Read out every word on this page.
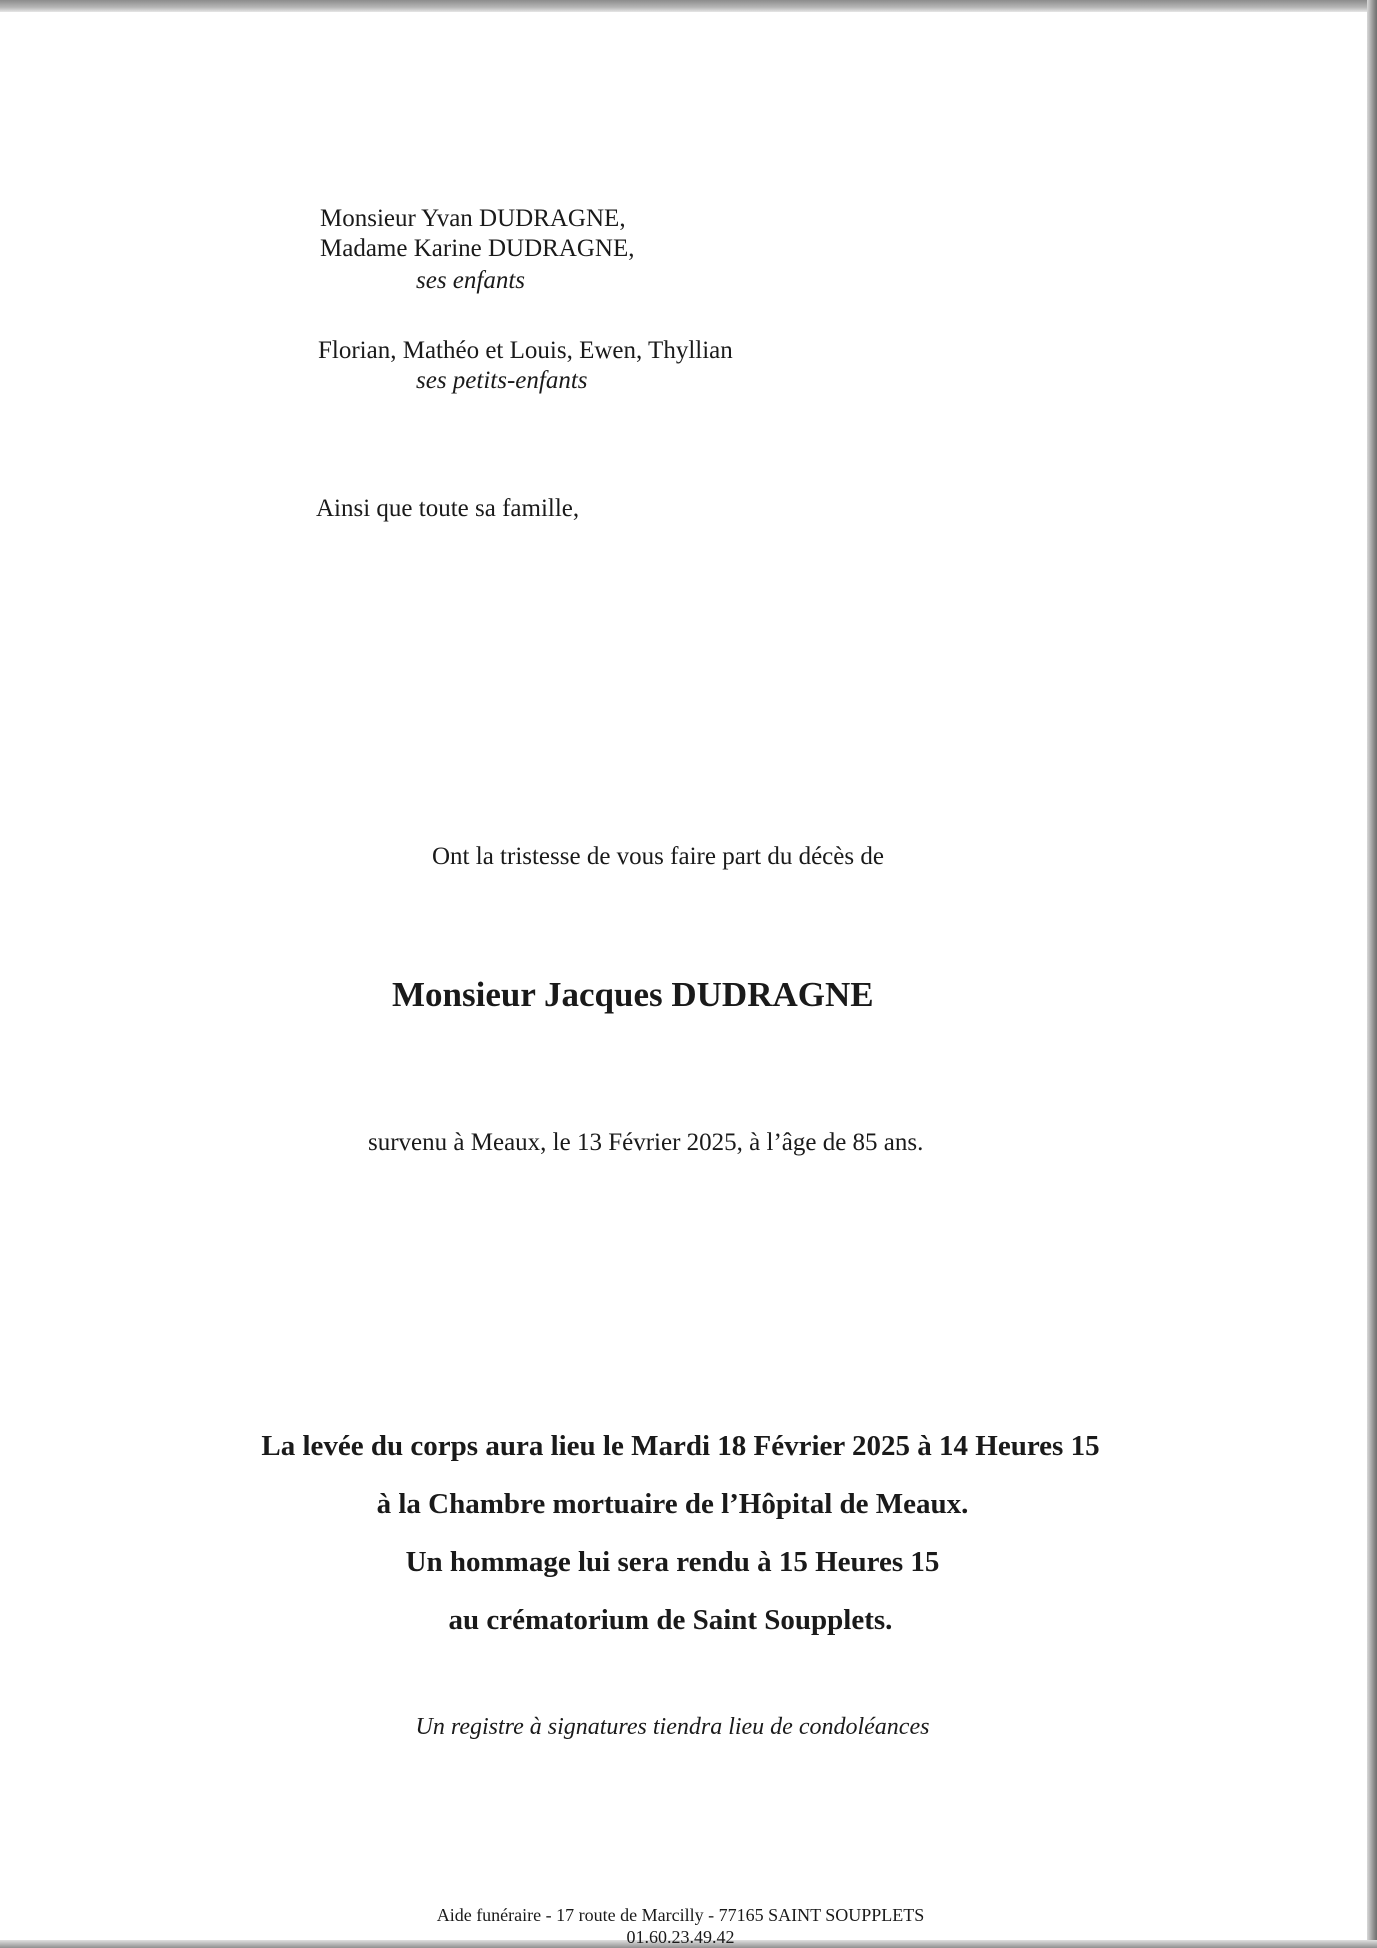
Monsieur Yvan DUDRAGNE,
Madame Karine DUDRAGNE,
ses enfants
Florian, Mathéo et Louis, Ewen, Thyllian
ses petits-enfants
Ainsi que toute sa famille,
Ont la tristesse de vous faire part du décès de
Monsieur Jacques DUDRAGNE
survenu à Meaux, le 13 Février 2025, à l’âge de 85 ans.
La levée du corps aura lieu le Mardi 18 Février 2025 à 14 Heures 15
à la Chambre mortuaire de l’Hôpital de Meaux.
Un hommage lui sera rendu à 15 Heures 15
au crématorium de Saint Soupplets.
Un registre à signatures tiendra lieu de condoléances
Aide funéraire - 17 route de Marcilly - 77165 SAINT SOUPPLETS
01.60.23.49.42
